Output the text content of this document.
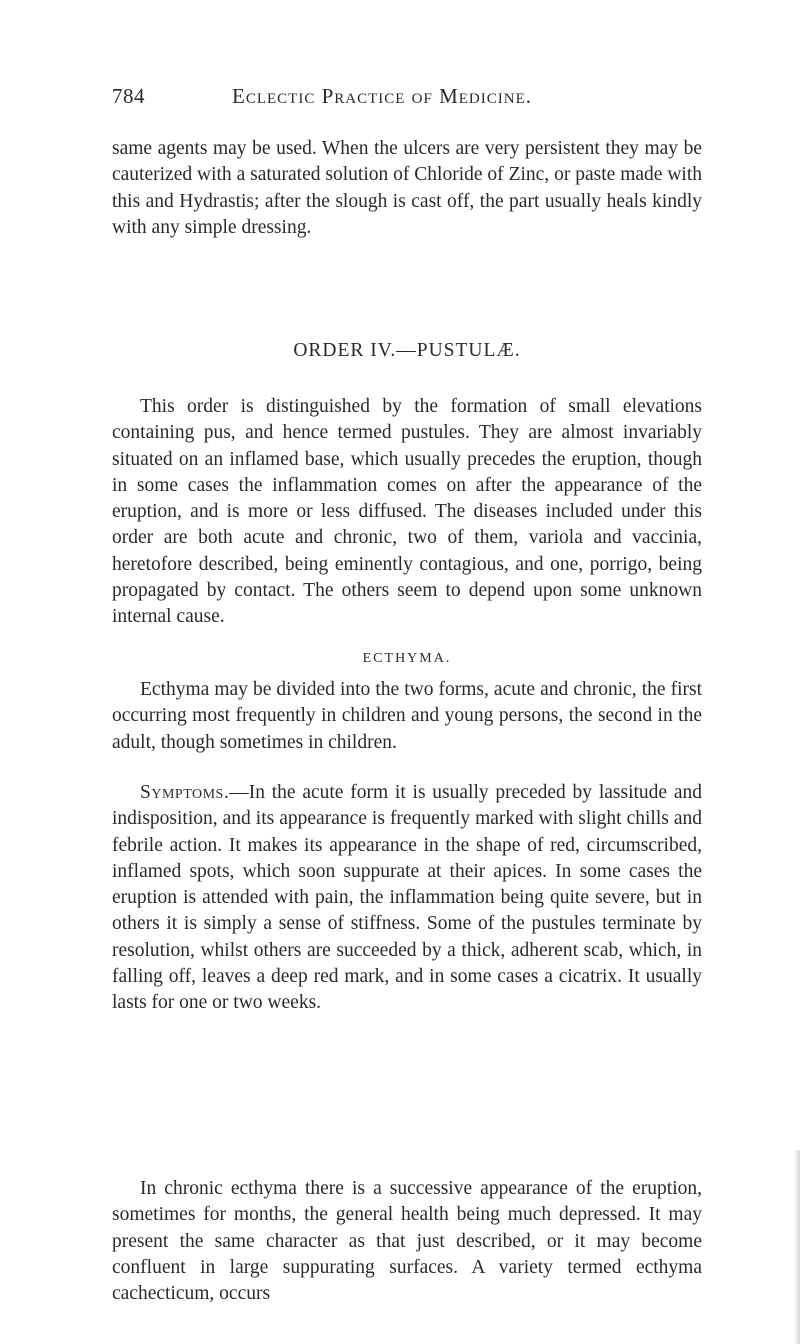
784	Eclectic Practice of Medicine.

same agents may be used. When the ulcers are very persistent they may be cauterized with a saturated solution of Chloride of Zinc, or paste made with this and Hydrastis; after the slough is cast off, the part usually heals kindly with any simple dressing.

ORDER IV.—PUSTULÆ.

This order is distinguished by the formation of small elevations containing pus, and hence termed pustules. They are almost invariably situated on an inflamed base, which usually precedes the eruption, though in some cases the inflammation comes on after the appearance of the eruption, and is more or less diffused. The diseases included under this order are both acute and chronic, two of them, variola and vaccinia, heretofore described, being eminently contagious, and one, porrigo, being propagated by contact. The others seem to depend upon some unknown internal cause.

ECTHYMA.

Ecthyma may be divided into the two forms, acute and chronic, the first occurring most frequently in children and young persons, the second in the adult, though sometimes in children.

Symptoms.—In the acute form it is usually preceded by lassitude and indisposition, and its appearance is frequently marked with slight chills and febrile action. It makes its appearance in the shape of red, circumscribed, inflamed spots, which soon suppurate at their apices. In some cases the eruption is attended with pain, the inflammation being quite severe, but in others it is simply a sense of stiffness. Some of the pustules terminate by resolution, whilst others are succeeded by a thick, adherent scab, which, in falling off, leaves a deep red mark, and in some cases a cicatrix. It usually lasts for one or two weeks.

In chronic ecthyma there is a successive appearance of the eruption, sometimes for months, the general health being much depressed. It may present the same character as that just described, or it may become confluent in large suppurating surfaces. A variety termed ecthyma cachecticum, occurs
